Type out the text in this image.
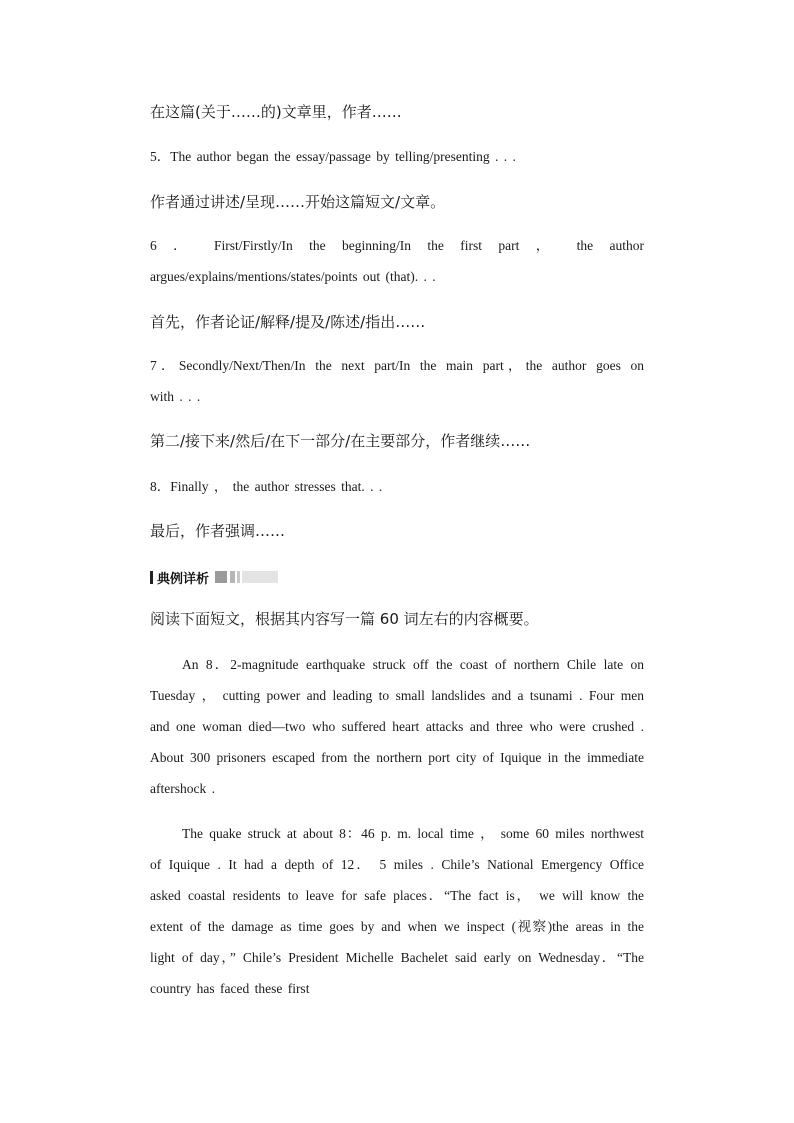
在这篇(关于……的)文章里，作者……

5．The author began the essay/passage by telling/presenting . . .

作者通过讲述/呈现……开始这篇短文/文章。

6 ． First/Firstly/In the beginning/In the first part ， the author

argues/explains/mentions/states/points out (that). . .

首先，作者论证/解释/提及/陈述/指出……

7．Secondly/Next/Then/In the next part/In the main part，the author goes on

with . . .

第二/接下来/然后/在下一部分/在主要部分，作者继续……

8．Finally ， the author stresses that. . .

最后，作者强调……

典例详析

阅读下面短文，根据其内容写一篇 60 词左右的内容概要。

An 8．2-magnitude earthquake struck off the coast of northern Chile late on Tuesday ， cutting power and leading to small landslides and a tsunami . Four men and one woman died—two who suffered heart attacks and three who were crushed . About 300 prisoners escaped from the northern port city of Iquique in the immediate aftershock .

The quake struck at about 8：46 p. m. local time ， some 60 miles northwest of Iquique . It had a depth of 12． 5 miles . Chile’s National Emergency Office asked coastal residents to leave for safe places．“The fact is， we will know the extent of the damage as time goes by and when we inspect (视察)the areas in the light of day，” Chile’s President Michelle Bachelet said early on Wednesday．“The country has faced these first
